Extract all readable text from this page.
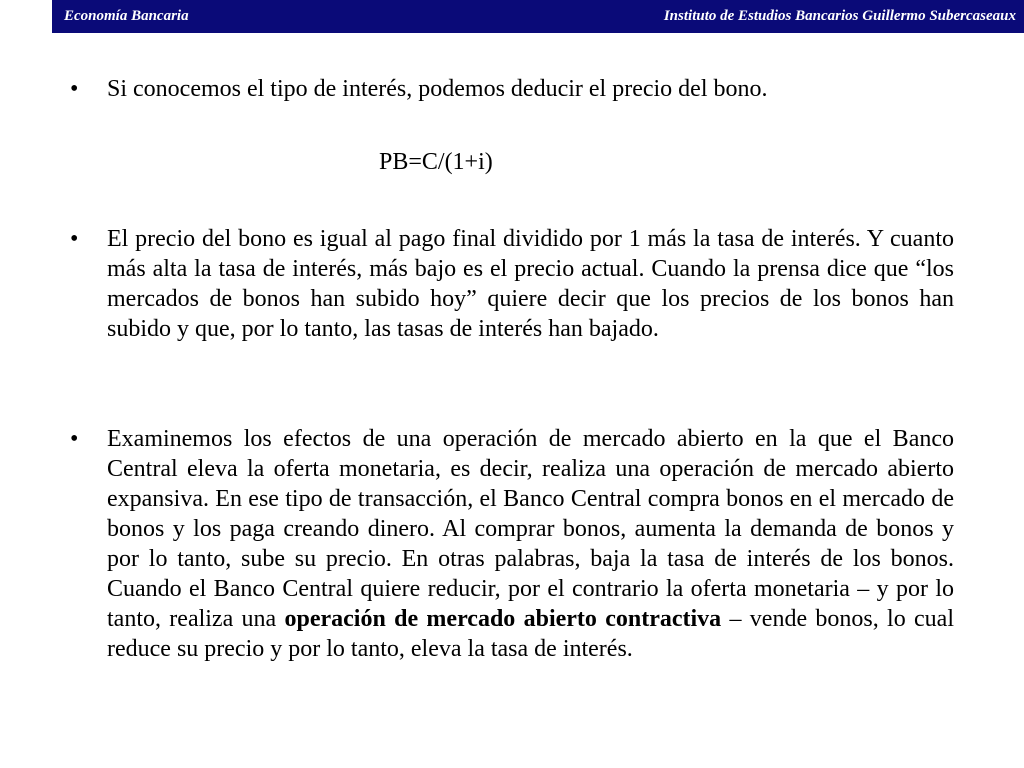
Economía Bancaria	Instituto de Estudios Bancarios Guillermo Subercaseaux
• Si conocemos el tipo de interés, podemos deducir el precio del bono.

PB=C/(1+i)
• El precio del bono es igual al pago final dividido por 1 más la tasa de interés. Y cuanto más alta la tasa de interés, más bajo es el precio actual. Cuando la prensa dice que “los mercados de bonos han subido hoy” quiere decir que los precios de los bonos han subido y que, por lo tanto, las tasas de interés han bajado.

• Examinemos los efectos de una operación de mercado abierto en la que el Banco Central eleva la oferta monetaria, es decir, realiza una operación de mercado abierto expansiva. En ese tipo de transacción, el Banco Central compra bonos en el mercado de bonos y los paga creando dinero. Al comprar bonos, aumenta la demanda de bonos y por lo tanto, sube su precio. En otras palabras, baja la tasa de interés de los bonos. Cuando el Banco Central quiere reducir, por el contrario la oferta monetaria – y por lo tanto, realiza una operación de mercado abierto contractiva – vende bonos, lo cual reduce su precio y por lo tanto, eleva la tasa de interés.
